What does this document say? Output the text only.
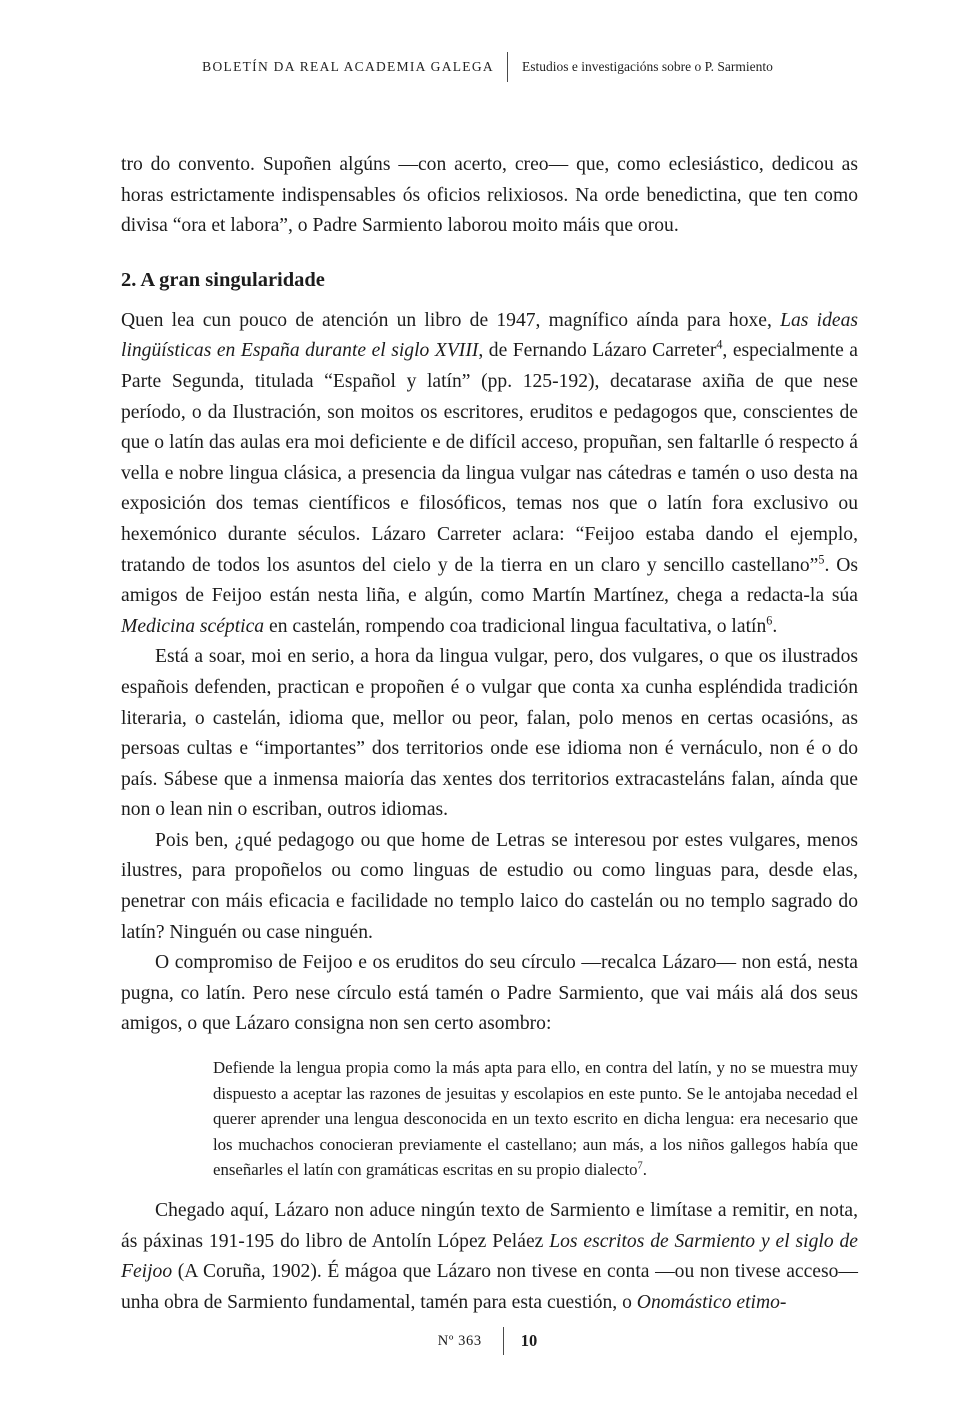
BOLETÍN DA REAL ACADEMIA GALEGA	Estudios e investigacións sobre o P. Sarmiento

tro do convento. Supoñen algúns —con acerto, creo— que, como eclesiástico, dedicou as horas estrictamente indispensables ós oficios relixiosos. Na orde benedictina, que ten como divisa “ora et labora”, o Padre Sarmiento laborou moito máis que orou.

2. A gran singularidade

Quen lea cun pouco de atención un libro de 1947, magnífico aínda para hoxe, Las ideas lingüísticas en España durante el siglo XVIII, de Fernando Lázaro Carreter$^4$, especialmente a Parte Segunda, titulada “Español y latín” (pp. 125-192), decatarase axiña de que nese período, o da Ilustración, son moitos os escritores, eruditos e pedagogos que, conscientes de que o latín das aulas era moi deficiente e de difícil acceso, propuñan, sen faltarlle ó respecto á vella e nobre lingua clásica, a presencia da lingua vulgar nas cátedras e tamén o uso desta na exposición dos temas científicos e filosóficos, temas nos que o latín fora exclusivo ou hexemónico durante séculos. Lázaro Carreter aclara: “Feijoo estaba dando el ejemplo, tratando de todos los asuntos del cielo y de la tierra en un claro y sencillo castellano”$^5$. Os amigos de Feijoo están nesta liña, e algún, como Martín Martínez, chega a redacta-la súa Medicina scéptica en castelán, rompendo coa tradicional lingua facultativa, o latín$^6$.

Está a soar, moi en serio, a hora da lingua vulgar, pero, dos vulgares, o que os ilustrados españois defenden, practican e propoñen é o vulgar que conta xa cunha espléndida tradición literaria, o castelán, idioma que, mellor ou peor, falan, polo menos en certas ocasións, as persoas cultas e “importantes” dos territorios onde ese idioma non é vernáculo, non é o do país. Sábese que a inmensa maioría das xentes dos territorios extracasteláns falan, aínda que non o lean nin o escriban, outros idiomas.

Pois ben, ¿qué pedagogo ou que home de Letras se interesou por estes vulgares, menos ilustres, para propoñelos ou como linguas de estudio ou como linguas para, desde elas, penetrar con máis eficacia e facilidade no templo laico do castelán ou no templo sagrado do latín? Ninguén ou case ninguén.

O compromiso de Feijoo e os eruditos do seu círculo —recalca Lázaro— non está, nesta pugna, co latín. Pero nese círculo está tamén o Padre Sarmiento, que vai máis alá dos seus amigos, o que Lázaro consigna non sen certo asombro:

Defiende la lengua propia como la más apta para ello, en contra del latín, y no se muestra muy dispuesto a aceptar las razones de jesuitas y escolapios en este punto. Se le antojaba necedad el querer aprender una lengua desconocida en un texto escrito en dicha lengua: era necesario que los muchachos conocieran previamente el castellano; aun más, a los niños gallegos había que enseñarles el latín con gramáticas escritas en su propio dialecto$^7$.

Chegado aquí, Lázaro non aduce ningún texto de Sarmiento e limítase a remitir, en nota, ás páxinas 191-195 do libro de Antolín López Peláez Los escritos de Sarmiento y el siglo de Feijoo (A Coruña, 1902). É mágoa que Lázaro non tivese en conta —ou non tivese acceso— unha obra de Sarmiento fundamental, tamén para esta cuestión, o Onomástico etimo-

Nº 363	10
